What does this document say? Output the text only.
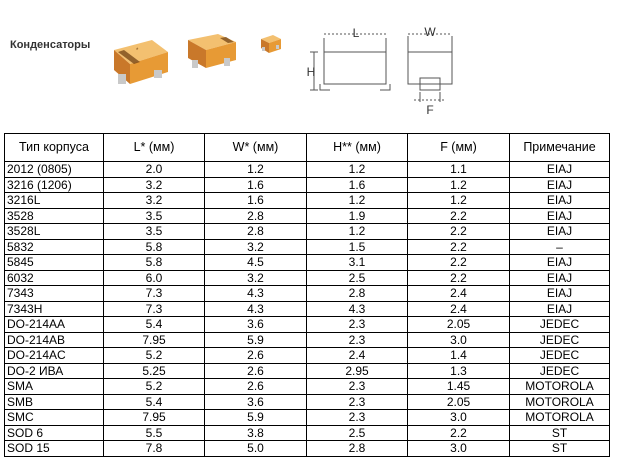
Конденсаторы	*
L	W
H
F
Тип корпуса	L* (мм)	W* (мм)	H** (мм)	F (мм)	Примечание
2012 (0805)	2.0	1.2	1.2	1.1	EIAJ
3216 (1206)	3.2	1.6	1.6	1.2	EIAJ
3216L	3.2	1.6	1.2	1.2	EIAJ
3528	3.5	2.8	1.9	2.2	EIAJ
3528L	3.5	2.8	1.2	2.2	EIAJ
5832	5.8	3.2	1.5	2.2	–
5845	5.8	4.5	3.1	2.2	EIAJ
6032	6.0	3.2	2.5	2.2	EIAJ
7343	7.3	4.3	2.8	2.4	EIAJ
7343H	7.3	4.3	4.3	2.4	EIAJ
DO-214AA	5.4	3.6	2.3	2.05	JEDEC
DO-214AB	7.95	5.9	2.3	3.0	JEDEC
DO-214AC	5.2	2.6	2.4	1.4	JEDEC
DO-2 ИВА	5.25	2.6	2.95	1.3	JEDEC
SMA	5.2	2.6	2.3	1.45	MOTOROLA
SMB	5.4	3.6	2.3	2.05	MOTOROLA
SMC	7.95	5.9	2.3	3.0	MOTOROLA
SOD 6	5.5	3.8	2.5	2.2	ST
SOD 15	7.8	5.0	2.8	3.0	ST
